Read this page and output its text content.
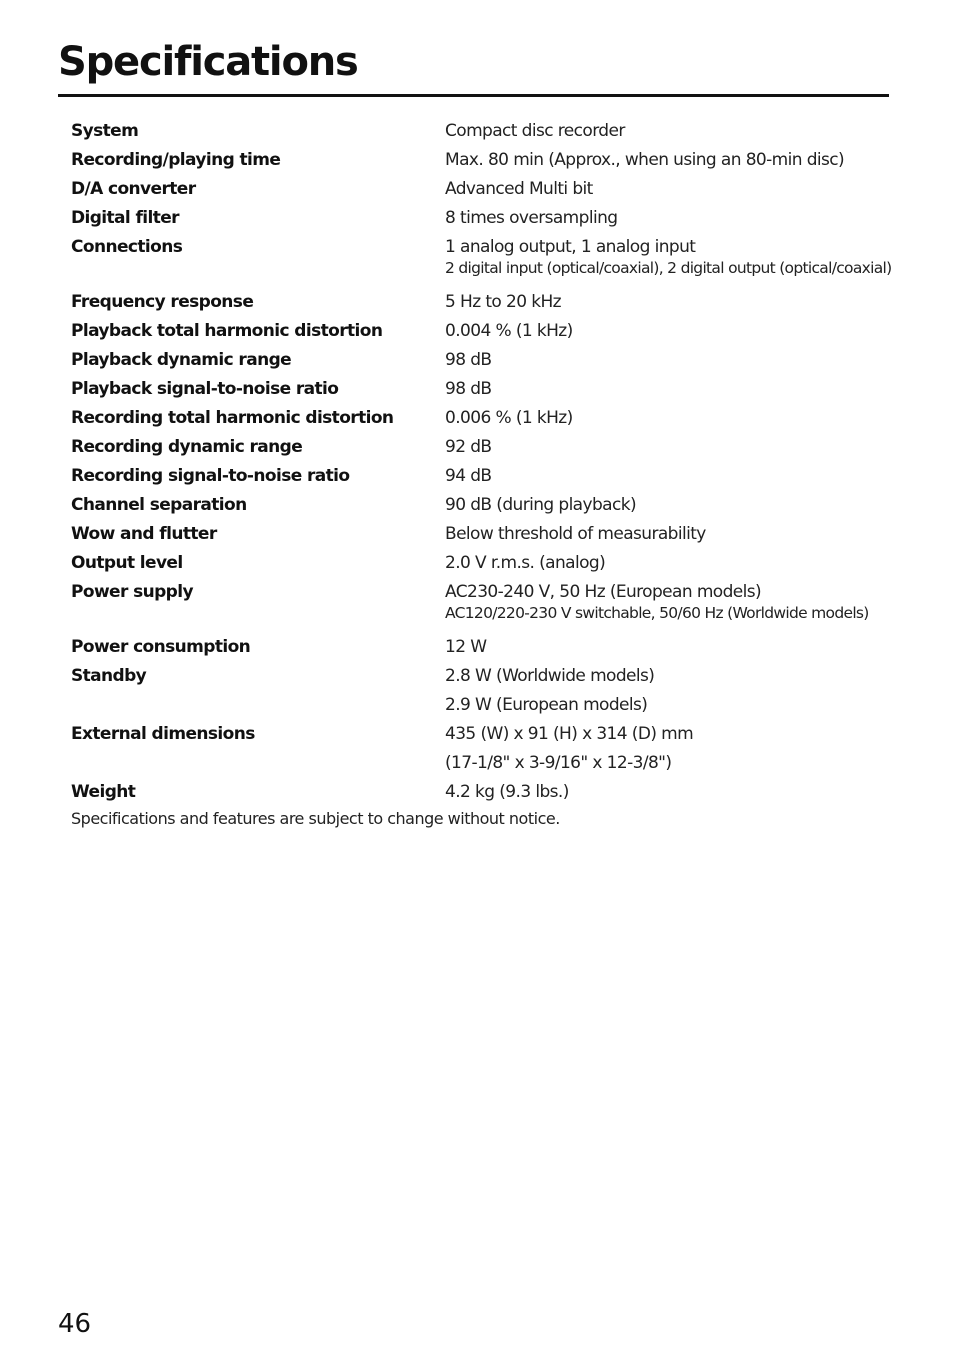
Specifications
System	Compact disc recorder
Recording/playing time	Max. 80 min (Approx., when using an 80-min disc)
D/A converter	Advanced Multi bit
Digital filter	8 times oversampling
Connections	1 analog output, 1 analog input
2 digital input (optical/coaxial), 2 digital output (optical/coaxial)
Frequency response	5 Hz to 20 kHz
Playback total harmonic distortion	0.004 % (1 kHz)
Playback dynamic range	98 dB
Playback signal-to-noise ratio	98 dB
Recording total harmonic distortion	0.006 % (1 kHz)
Recording dynamic range	92 dB
Recording signal-to-noise ratio	94 dB
Channel separation	90 dB (during playback)
Wow and flutter	Below threshold of measurability
Output level	2.0 V r.m.s. (analog)
Power supply	AC230-240 V, 50 Hz (European models)
AC120/220-230 V switchable, 50/60 Hz (Worldwide models)
Power consumption	12 W
Standby	2.8 W (Worldwide models)
2.9 W (European models)
External dimensions	435 (W) x 91 (H) x 314 (D) mm
(17-1/8" x 3-9/16" x 12-3/8")
Weight	4.2 kg (9.3 lbs.)
Specifications and features are subject to change without notice.
46
